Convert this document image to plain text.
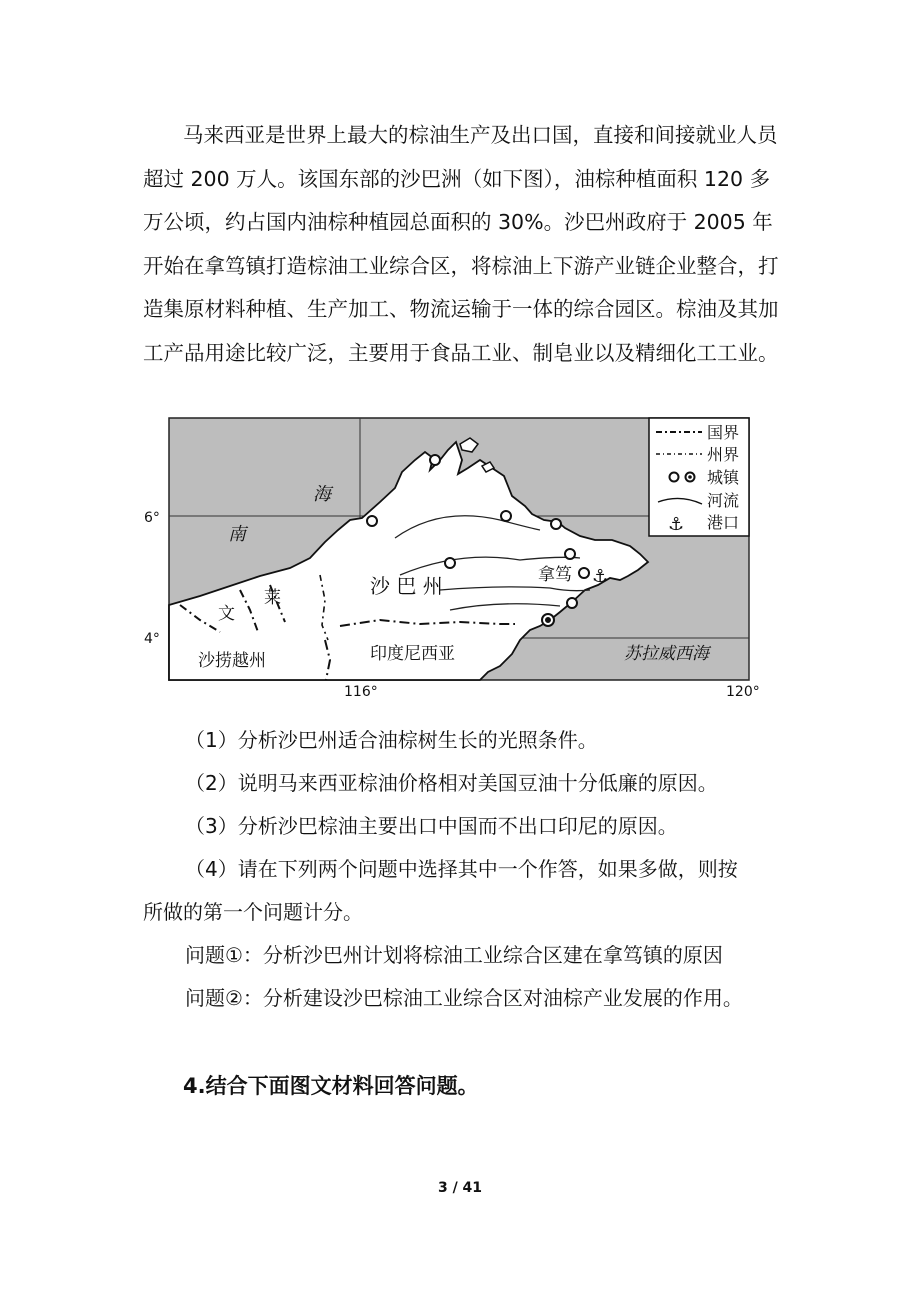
马来西亚是世界上最大的棕油生产及出口国，直接和间接就业人员超过 200 万人。该国东部的沙巴洲（如下图），油棕种植面积 120 多万公顷，约占国内油棕种植园总面积的 30%。沙巴州政府于 2005 年开始在拿笃镇打造棕油工业综合区，将棕油上下游产业链企业整合，打造集原材料种植、生产加工、物流运输于一体的综合园区。棕油及其加工产品用途比较广泛，主要用于食品工业、制皂业以及精细化工工业。

⚓
海
南
文
莱	沙 巴 州	拿笃
沙捞越州	印度尼西亚	苏拉威西海
国界
州界
城镇
河流
⚓ 港口
6°
4°
116°	120°

（1）分析沙巴州适合油棕树生长的光照条件。

（2）说明马来西亚棕油价格相对美国豆油十分低廉的原因。

（3）分析沙巴棕油主要出口中国而不出口印尼的原因。

（4）请在下列两个问题中选择其中一个作答，如果多做，则按

所做的第一个问题计分。

问题①：分析沙巴州计划将棕油工业综合区建在拿笃镇的原因

问题②：分析建设沙巴棕油工业综合区对油棕产业发展的作用。

4.结合下面图文材料回答问题。

3 / 41
